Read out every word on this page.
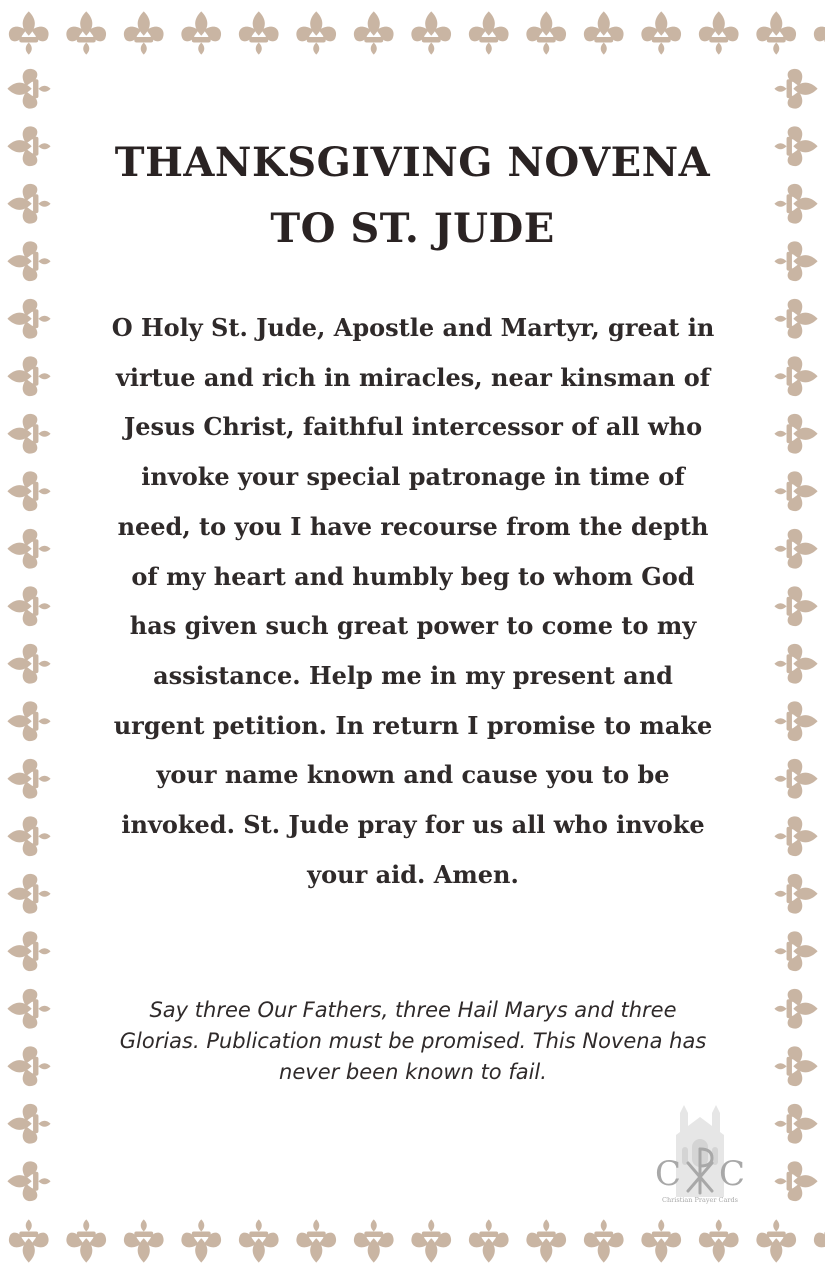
THANKSGIVING NOVENA
TO ST. JUDE

O Holy St. Jude, Apostle and Martyr, great in virtue and rich in miracles, near kinsman of Jesus Christ, faithful intercessor of all who invoke your special patronage in time of need, to you I have recourse from the depth of my heart and humbly beg to whom God has given such great power to come to my assistance. Help me in my present and urgent petition. In return I promise to make your name known and cause you to be invoked. St. Jude pray for us all who invoke your aid. Amen.

Say three Our Fathers, three Hail Marys and three Glorias. Publication must be promised. This Novena has never been known to fail.

C C
Christian Prayer Cards
